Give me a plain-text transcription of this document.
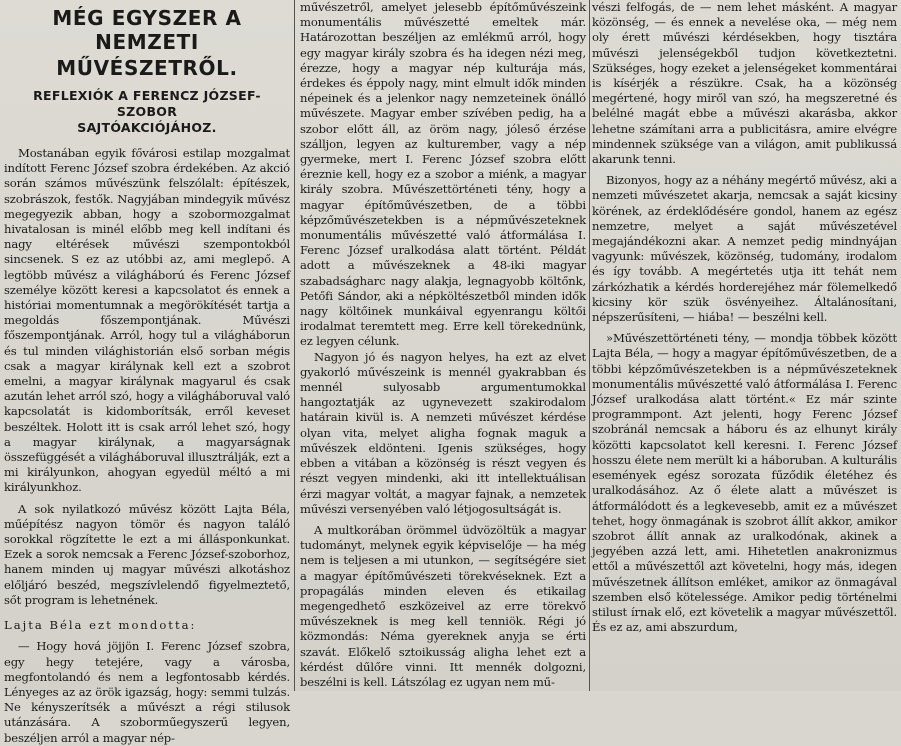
MÉG EGYSZER A NEMZETI
MŰVÉSZETRŐL.
REFLEXIÓK A FERENCZ JÓZSEF-SZOBOR
SAJTÓAKCIÓJÁHOZ.

Mostanában egyik fővárosi estilap mozgalmat indított Ferenc József szobra érdekében. Az akció során számos művészünk felszólalt: építészek, szobrászok, festők. Nagyjában mindegyik művész megegyezik abban, hogy a szobormozgalmat hivatalosan is minél előbb meg kell indítani és nagy eltérések művészi szempontokból sincsenek. S ez az utóbbi az, ami meglepő. A legtöbb művész a világháború és Ferenc József személye között keresi a kapcsolatot és ennek a históriai momentumnak a megörökítését tartja a megoldás főszempontjának. Művészi főszempontjának. Arról, hogy tul a világháborun és tul minden világhistorián első sorban mégis csak a magyar királynak kell ezt a szobrot emelni, a magyar királynak magyarul és csak azután lehet arról szó, hogy a világháboruval való kapcsolatát is kidomborítsák, erről keveset beszéltek. Holott itt is csak arról lehet szó, hogy a magyar királynak, a magyarságnak összefüggését a világháboruval illusztrálják, ezt a mi királyunkon, ahogyan egyedül méltó a mi királyunkhoz.

A sok nyilatkozó művész között Lajta Béla, műépítész nagyon tömör és nagyon találó sorokkal rögzítette le ezt a mi állásponkunkat. Ezek a sorok nemcsak a Ferenc József-szoborhoz, hanem minden uj magyar művészi alkotáshoz előljáró beszéd, megszívlelendő figyelmeztető, sőt program is lehetnének.

Lajta Béla ezt mondotta:

— Hogy hová jöjjön I. Ferenc József szobra, egy hegy tetejére, vagy a városba, megfontolandó és nem a legfontosabb kérdés. Lényeges az az örök igazság, hogy: semmi tulzás. Ne kényszerítsék a művészt a régi stilusok utánzására. A szoborműegyszerű legyen, beszéljen arról a magyar nép-

művészetről, amelyet jelesebb építőművészeink monumentális művészetté emeltek már. Határozottan beszéljen az emlékmű arról, hogy egy magyar király szobra és ha idegen nézi meg, érezze, hogy a magyar nép kulturája más, érdekes és éppoly nagy, mint elmult idők minden népeinek és a jelenkor nagy nemzeteinek önálló művészete. Magyar ember szívében pedig, ha a szobor előtt áll, az öröm nagy, jóleső érzése szálljon, legyen az kulturember, vagy a nép gyermeke, mert I. Ferenc József szobra előtt éreznie kell, hogy ez a szobor a miénk, a magyar király szobra. Művészettörténeti tény, hogy a magyar építőművészetben, de a többi képzőművészetekben is a népművészeteknek monumentális művészetté való átformálása I. Ferenc József uralkodása alatt történt. Példát adott a művészeknek a 48-iki magyar szabadságharc nagy alakja, legnagyobb költőnk, Petőfi Sándor, aki a népköltészetből minden idők nagy költőinek munkáival egyenrangu költői irodalmat teremtett meg. Erre kell törekednünk, ez legyen célunk.

Nagyon jó és nagyon helyes, ha ezt az elvet gyakorló művészeink is mennél gyakrabban és mennél sulyosabb argumentumokkal hangoztatják az ugynevezett szakirodalom határain kivül is. A nemzeti művészet kérdése olyan vita, melyet aligha fognak maguk a művészek eldönteni. Igenis szükséges, hogy ebben a vitában a közönség is részt vegyen és részt vegyen mindenki, aki itt intellektuálisan érzi magyar voltát, a magyar fajnak, a nemzetek művészi versenyében való létjogosultságát is.

A multkorában örömmel üdvözöltük a magyar tudományt, melynek egyik képviselője — ha még nem is teljesen a mi utunkon, — segítségére siet a magyar építőművészeti törekvéseknek. Ezt a propagálás minden eleven és etikailag megengedhető eszközeivel az erre törekvő művészeknek is meg kell tenniök. Régi jó közmondás: Néma gyereknek anyja se érti szavát. Előkelő sztoikusság aligha lehet ezt a kérdést dűlőre vinni. Itt mennék dolgozni, beszélni is kell. Látszólag ez ugyan nem mű-

vészi felfogás, de — nem lehet másként. A magyar közönség, — és ennek a nevelése okа, — még nem oly érett művészi kérdésekben, hogy tisztára művészi jelenségekből tudjon következtetni. Szükséges, hogy ezeket a jelenségeket kommentárai is kísérjék a részükre. Csak, ha a közönség megértené, hogy miről van szó, ha megszeretné és belélné magát ebbe a művészi akarásba, akkor lehetne számítani arra a publicitásra, amire elvégre mindennek szüksége van a világon, amit publikussá akarunk tenni.

Bizonyos, hogy az a néhány megértő művész, aki a nemzeti művészetet akarja, nemcsak a saját kicsiny körének, az érdeklődésére gondol, hanem az egész nemzetre, melyet a saját művészetével megajándékozni akar. A nemzet pedig mindnyájan vagyunk: művészek, közönség, tudomány, irodalom és így tovább. A megértetés utja itt tehát nem zárkózhatik a kérdés horderejéhez már fölemelkedő kicsiny kör szük ösvényeihez. Általánosítani, népszerűsíteni, — hiába! — beszélni kell.

»Művészettörténeti tény, — mondja többek között Lajta Béla, — hogy a magyar építőművészetben, de a többi képzőművészetekben is a népművészeteknek monumentális művészetté való átformálása I. Ferenc József uralkodása alatt történt.« Ez már szinte programmpont. Azt jelenti, hogy Ferenc József szobránál nemcsak a háboru és az elhunyt király közötti kapcsolatot kell keresni. I. Ferenc József hosszu élete nem merült ki a háboruban. A kulturális események egész sorozata fűződik életéhez és uralkodásához. Az ő élete alatt a művészet is átformálódott és a legkevesebb, amit ez a művészet tehet, hogy önmagának is szobrot állít akkor, amikor szobrot állít annak az uralkodónak, akinek a jegyében azzá lett, ami. Hihetetlen anakronizmus ettől a művészettől azt követelni, hogy más, idegen művészetnek állítson emléket, amikor az önmagával szemben első kötelessége. Amikor pedig történelmi stilust írnak elő, ezt követelik a magyar művészettől. És ez az, ami abszurdum,
